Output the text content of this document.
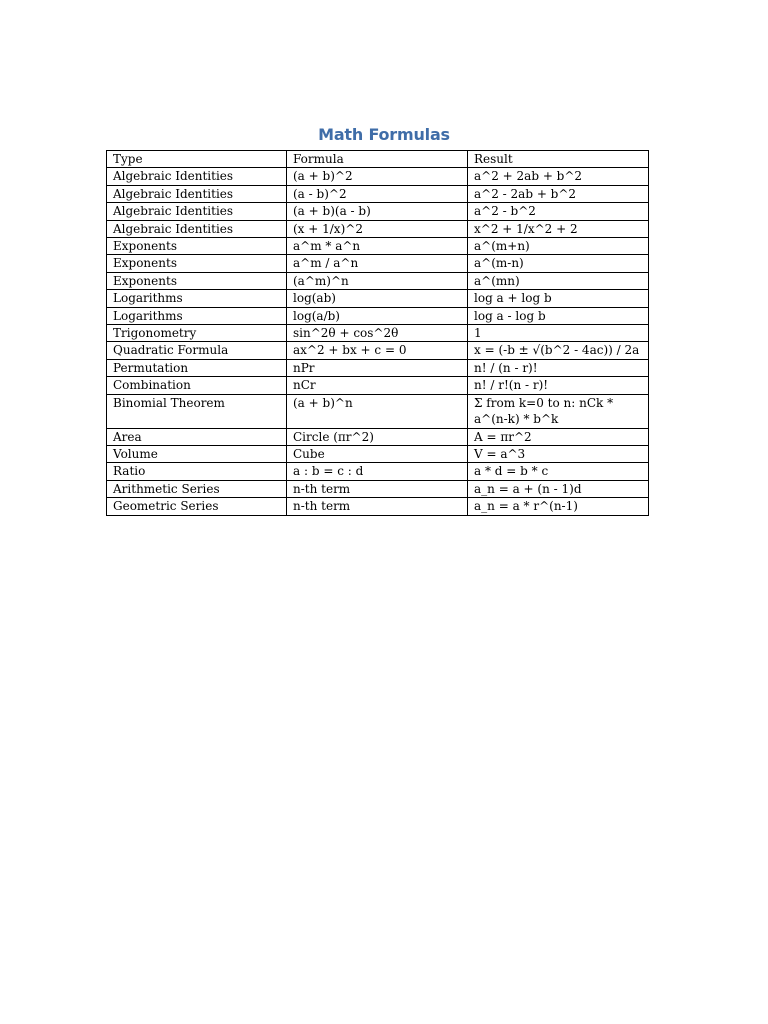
Math Formulas
Type	Formula	Result
Algebraic Identities	(a + b)^2	a^2 + 2ab + b^2
Algebraic Identities	(a - b)^2	a^2 - 2ab + b^2
Algebraic Identities	(a + b)(a - b)	a^2 - b^2
Algebraic Identities	(x + 1/x)^2	x^2 + 1/x^2 + 2
Exponents	a^m * a^n	a^(m+n)
Exponents	a^m / a^n	a^(m-n)
Exponents	(a^m)^n	a^(mn)
Logarithms	log(ab)	log a + log b
Logarithms	log(a/b)	log a - log b
Trigonometry	sin^2θ + cos^2θ	1
Quadratic Formula	ax^2 + bx + c = 0	x = (-b ± √(b^2 - 4ac)) / 2a
Permutation	nPr	n! / (n - r)!
Combination	nCr	n! / r!(n - r)!
Binomial Theorem	(a + b)^n	Σ from k=0 to n: nCk * a^(n-k) * b^k
Area	Circle (πr^2)	A = πr^2
Volume	Cube	V = a^3
Ratio	a : b = c : d	a * d = b * c
Arithmetic Series	n-th term	a_n = a + (n - 1)d
Geometric Series	n-th term	a_n = a * r^(n-1)
